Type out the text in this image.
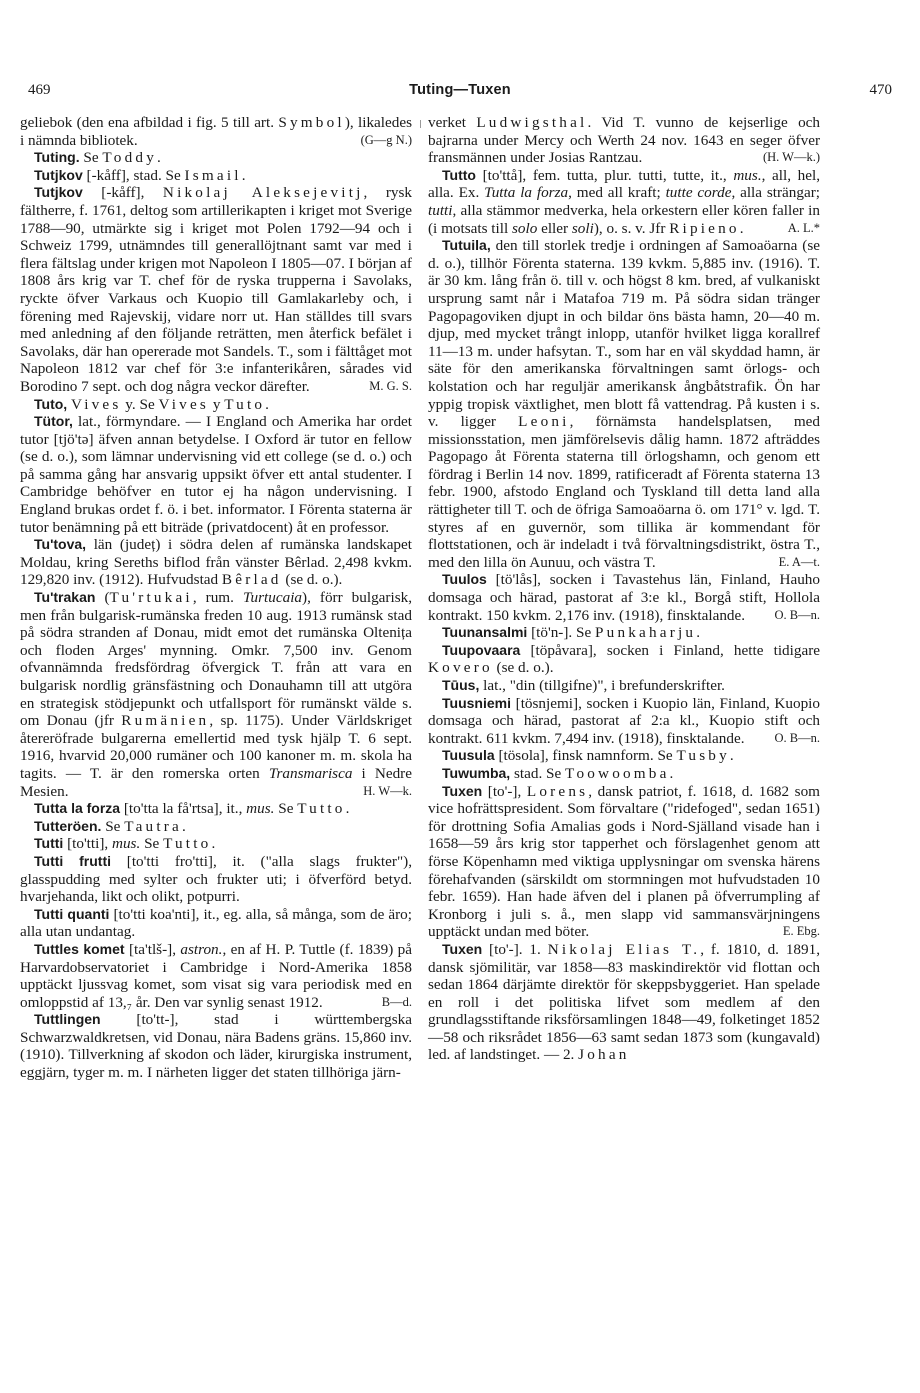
469	Tuting—Tuxen	470

geliebok (den ena afbildad i fig. 5 till art. Symbol), likaledes i nämnda bibliotek.	(G—g N.)

Tuting. Se Toddy.

Tutjkov [-kåff], stad. Se Ismail.

Tutjkov [-kåff], Nikolaj Aleksejevitj, rysk fältherre, f. 1761, deltog som artillerikapten i kriget mot Sverige 1788—90, utmärkte sig i kriget mot Polen 1792—94 och i Schweiz 1799, utnämndes till generallöjtnant samt var med i flera fältslag under krigen mot Napoleon I 1805—07. I början af 1808 års krig var T. chef för de ryska trupperna i Savolaks, ryckte öfver Varkaus och Kuopio till Gamlakarleby och, i förening med Rajevskij, vidare norr ut. Han ställdes till svars med anledning af den följande reträtten, men återfick befälet i Savolaks, där han opererade mot Sandels. T., som i fälttåget mot Napoleon 1812 var chef för 3:e infanterikåren, sårades vid Borodino 7 sept. och dog några veckor därefter.	M. G. S.

Tuto, Vives y. Se Vives y Tuto.

Tütor, lat., förmyndare. — I England och Amerika har ordet tutor [tjö'tə] äfven annan betydelse. I Oxford är tutor en fellow (se d. o.), som lämnar undervisning vid ett college (se d. o.) och på samma gång har ansvarig uppsikt öfver ett antal studenter. I Cambridge behöfver en tutor ej ha någon undervisning. I England brukas ordet f. ö. i bet. informator. I Förenta staterna är tutor benämning på ett biträde (privatdocent) åt en professor.

Tu'tova, län (județ) i södra delen af rumänska landskapet Moldau, kring Sereths biflod från vänster Bêrlad. 2,498 kvkm. 129,820 inv. (1912). Hufvudstad Bêrlad (se d. o.).

Tu'trakan (Tu'rtukai, rum. Turtucaia), förr bulgarisk, men från bulgarisk-rumänska freden 10 aug. 1913 rumänsk stad på södra stranden af Donau, midt emot det rumänska Oltenița och floden Arges' mynning. Omkr. 7,500 inv. Genom ofvannämnda fredsfördrag öfvergick T. från att vara en bulgarisk nordlig gränsfästning och Donauhamn till att utgöra en strategisk stödjepunkt och utfallsport för rumänskt välde s. om Donau (jfr Rumänien, sp. 1175). Under Världskriget återeröfrade bulgarerna emellertid med tysk hjälp T. 6 sept. 1916, hvarvid 20,000 rumäner och 100 kanoner m. m. skola ha tagits. — T. är den romerska orten Transmarisca i Nedre Mesien.	H. W—k.

Tutta la forza [to'tta la få'rtsa], it., mus. Se Tutto.

Tutteröen. Se Tautra.

Tutti [to'tti], mus. Se Tutto.

Tutti frutti [to'tti fro'tti], it. ("alla slags frukter"), glasspudding med sylter och frukter uti; i öfverförd betyd. hvarjehanda, likt och olikt, potpurri.

Tutti quanti [to'tti koa'nti], it., eg. alla, så många, som de äro; alla utan undantag.

Tuttles komet [ta'tlš-], astron., en af H. P. Tuttle (f. 1839) på Harvardobservatoriet i Cambridge i Nord-Amerika 1858 upptäckt ljussvag komet, som visat sig vara periodisk med en omloppstid af 13,₇ år. Den var synlig senast 1912.	B—d.

Tuttlingen [to'tt-], stad i württembergska Schwarzwaldkretsen, vid Donau, nära Badens gräns. 15,860 inv. (1910). Tillverkning af skodon och läder, kirurgiska instrument, eggjärn, tyger m. m. I närheten ligger det staten tillhöriga järn-

verket Ludwigsthal. Vid T. vunno de kejserlige och bajrarna under Mercy och Werth 24 nov. 1643 en seger öfver fransmännen under Josias Rantzau.	(H. W—k.)

Tutto [to'ttå], fem. tutta, plur. tutti, tutte, it., mus., all, hel, alla. Ex. Tutta la forza, med all kraft; tutte corde, alla strängar; tutti, alla stämmor medverka, hela orkestern eller kören faller in (i motsats till solo eller soli), o. s. v. Jfr Ripieno.	A. L.*

Tutuila, den till storlek tredje i ordningen af Samoaöarna (se d. o.), tillhör Förenta staterna. 139 kvkm. 5,885 inv. (1916). T. är 30 km. lång från ö. till v. och högst 8 km. bred, af vulkaniskt ursprung samt når i Matafoa 719 m. På södra sidan tränger Pagopagoviken djupt in och bildar öns bästa hamn, 20—40 m. djup, med mycket trångt inlopp, utanför hvilket ligga korallref 11—13 m. under hafsytan. T., som har en väl skyddad hamn, är säte för den amerikanska förvaltningen samt örlogs- och kolstation och har reguljär amerikansk ångbåtstrafik. Ön har yppig tropisk växtlighet, men blott få vattendrag. På kusten i s. v. ligger Leoni, förnämsta handelsplatsen, med missionsstation, men jämförelsevis dålig hamn. 1872 afträddes Pagopago åt Förenta staterna till örlogshamn, och genom ett fördrag i Berlin 14 nov. 1899, ratificeradt af Förenta staterna 13 febr. 1900, afstodo England och Tyskland till detta land alla rättigheter till T. och de öfriga Samoaöarna ö. om 171° v. lgd. T. styres af en guvernör, som tillika är kommendant för flottstationen, och är indeladt i två förvaltningsdistrikt, östra T., med den lilla ön Aunuu, och västra T.	E. A—t.

Tuulos [tö'lås], socken i Tavastehus län, Finland, Hauho domsaga och härad, pastorat af 3:e kl., Borgå stift, Hollola kontrakt. 150 kvkm. 2,176 inv. (1918), finsktalande.	O. B—n.

Tuunansalmi [tö'n-]. Se Punkaharju.

Tuupovaara [töpåvara], socken i Finland, hette tidigare Kovero (se d. o.).

Tūus, lat., "din (tillgifne)", i brefunderskrifter.

Tuusniemi [tösnjemi], socken i Kuopio län, Finland, Kuopio domsaga och härad, pastorat af 2:a kl., Kuopio stift och kontrakt. 611 kvkm. 7,494 inv. (1918), finsktalande.	O. B—n.

Tuusula [tösola], finsk namnform. Se Tusby.

Tuwumba, stad. Se Toowoomba.

Tuxen [to'-], Lorens, dansk patriot, f. 1618, d. 1682 som vice hofrättspresident. Som förvaltare ("ridefoged", sedan 1651) för drottning Sofia Amalias gods i Nord-Själland visade han i 1658—59 års krig stor tapperhet och förslagenhet genom att förse Köpenhamn med viktiga upplysningar om svenska härens förehafvanden (särskildt om stormningen mot hufvudstaden 10 febr. 1659). Han hade äfven del i planen på öfverrumpling af Kronborg i juli s. å., men slapp vid sammansvärjningens upptäckt undan med böter.	E. Ebg.

Tuxen [to'-]. 1. Nikolaj Elias T., f. 1810, d. 1891, dansk sjömilitär, var 1858—83 maskindirektör vid flottan och sedan 1864 därjämte direktör för skeppsbyggeriet. Han spelade en roll i det politiska lifvet som medlem af den grundlagsstiftande riksförsamlingen 1848—49, folketinget 1852—58 och riksrådet 1856—63 samt sedan 1873 som (kungavald) led. af landstinget. — 2. Johan
